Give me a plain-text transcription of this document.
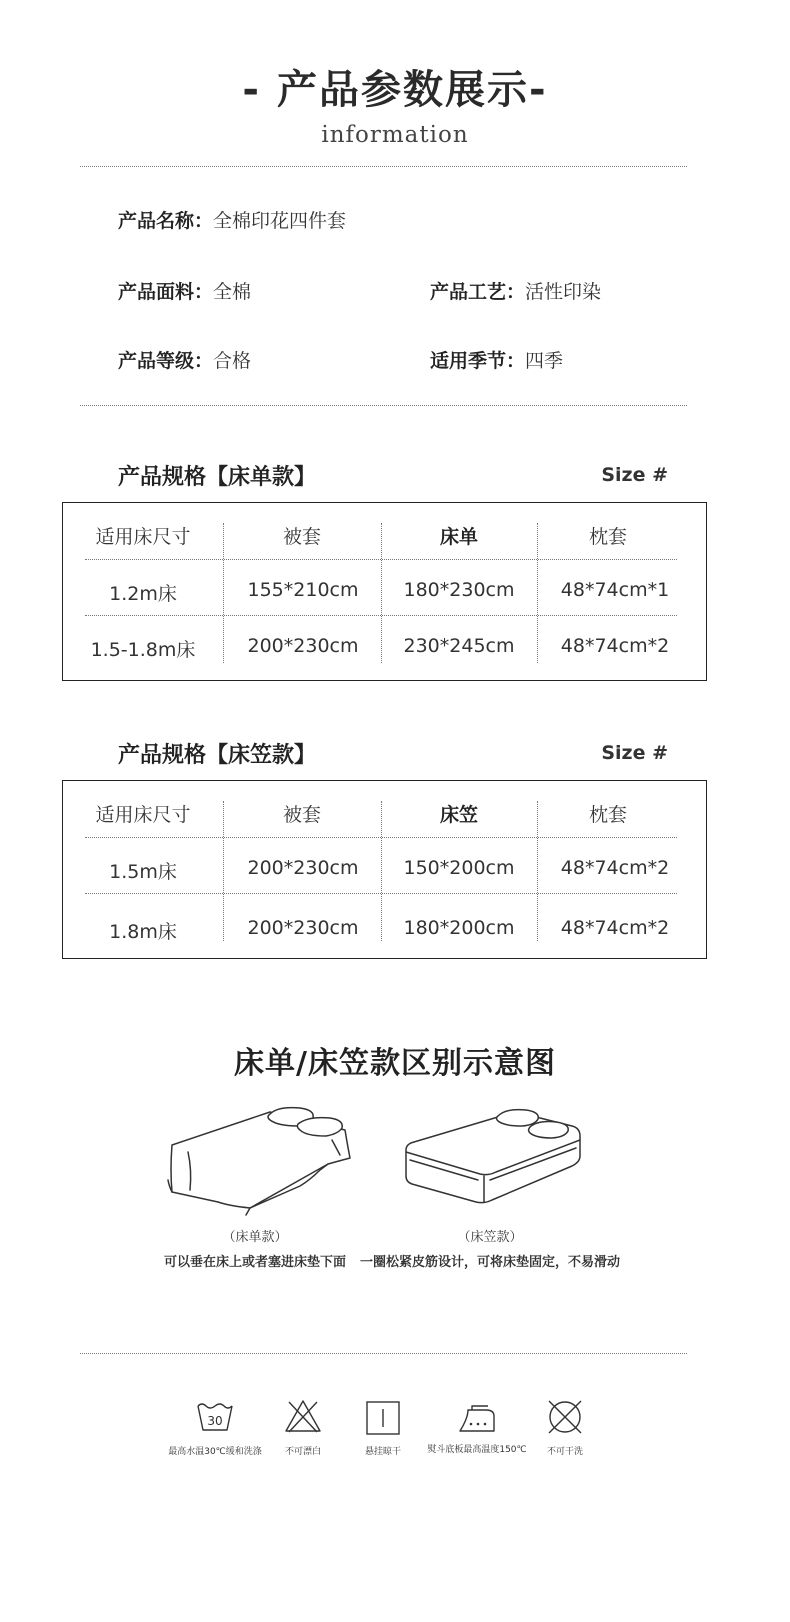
- 产品参数展示-
information
产品名称：全棉印花四件套
产品面料：全棉	产品工艺：活性印染
产品等级：合格	适用季节：四季
产品规格【床单款】	Size #
适用床尺寸	被套	床单	枕套
1.2m床	155*210cm	180*230cm	48*74cm*1
1.5-1.8m床	200*230cm	230*245cm	48*74cm*2
产品规格【床笠款】	Size #
适用床尺寸	被套	床笠	枕套
1.5m床	200*230cm	150*200cm	48*74cm*2
1.8m床	200*230cm	180*200cm	48*74cm*2
床单/床笠款区别示意图
（床单款）
可以垂在床上或者塞进床垫下面
（床笠款）
一圈松紧皮筋设计，可将床垫固定，不易滑动
30
最高水温30℃缓和洗涤	不可漂白	悬挂晾干	熨斗底板最高温度150℃	不可干洗
